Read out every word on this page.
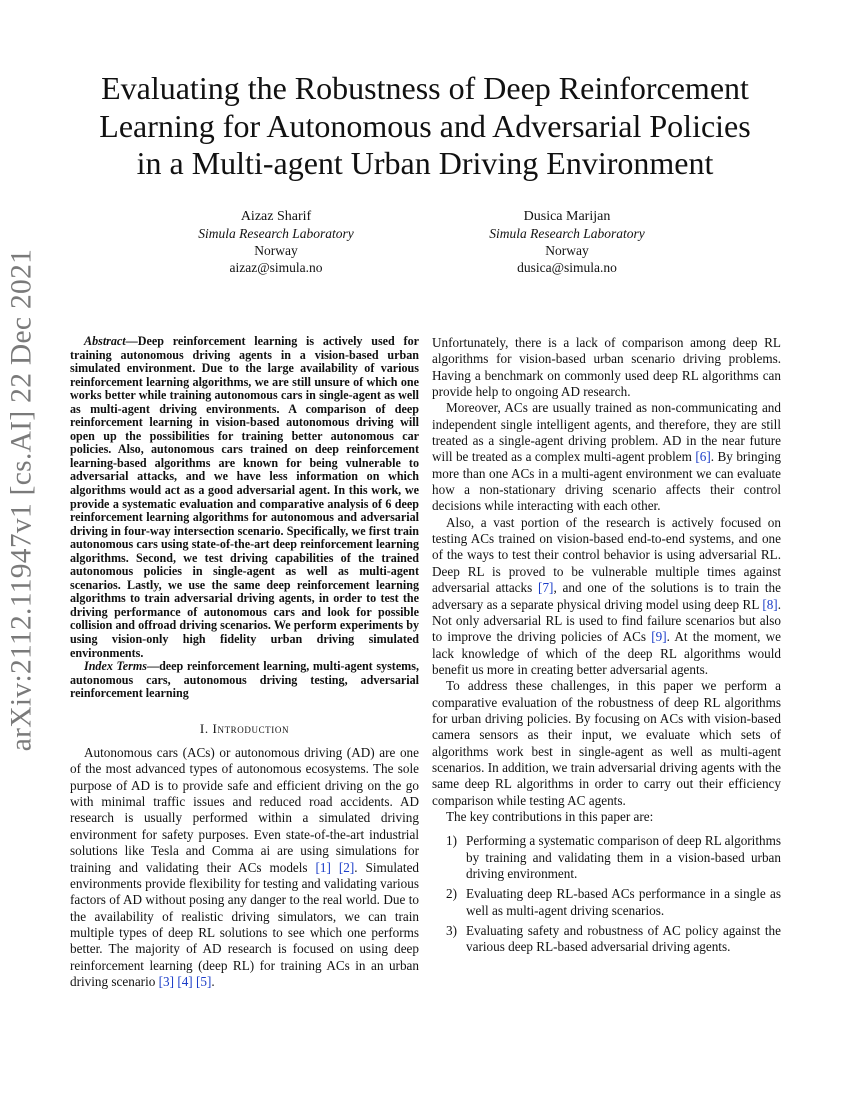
arXiv:2112.11947v1 [cs.AI] 22 Dec 2021
Evaluating the Robustness of Deep Reinforcement
Learning for Autonomous and Adversarial Policies
in a Multi-agent Urban Driving Environment
Aizaz Sharif
Simula Research Laboratory
Norway
aizaz@simula.no
Dusica Marijan
Simula Research Laboratory
Norway
dusica@simula.no

Abstract—Deep reinforcement learning is actively used for training autonomous driving agents in a vision-based urban simulated environment. Due to the large availability of various reinforcement learning algorithms, we are still unsure of which one works better while training autonomous cars in single-agent as well as multi-agent driving environments. A comparison of deep reinforcement learning in vision-based autonomous driving will open up the possibilities for training better autonomous car policies. Also, autonomous cars trained on deep reinforcement learning-based algorithms are known for being vulnerable to adversarial attacks, and we have less information on which algorithms would act as a good adversarial agent. In this work, we provide a systematic evaluation and comparative analysis of 6 deep reinforcement learning algorithms for autonomous and adversarial driving in four-way intersection scenario. Specifically, we first train autonomous cars using state-of-the-art deep reinforcement learning algorithms. Second, we test driving capabilities of the trained autonomous policies in single-agent as well as multi-agent scenarios. Lastly, we use the same deep reinforcement learning algorithms to train adversarial driving agents, in order to test the driving performance of autonomous cars and look for possible collision and offroad driving scenarios. We perform experiments by using vision-only high fidelity urban driving simulated environments.

Index Terms—deep reinforcement learning, multi-agent systems, autonomous cars, autonomous driving testing, adversarial reinforcement learning

I. Introduction

Autonomous cars (ACs) or autonomous driving (AD) are one of the most advanced types of autonomous ecosystems. The sole purpose of AD is to provide safe and efficient driving on the go with minimal traffic issues and reduced road accidents. AD research is usually performed within a simulated driving environment for safety purposes. Even state-of-the-art industrial solutions like Tesla and Comma ai are using simulations for training and validating their ACs models [1] [2]. Simulated environments provide flexibility for testing and validating various factors of AD without posing any danger to the real world. Due to the availability of realistic driving simulators, we can train multiple types of deep RL solutions to see which one performs better. The majority of AD research is focused on using deep reinforcement learning (deep RL) for training ACs in an urban driving scenario [3] [4] [5].

Unfortunately, there is a lack of comparison among deep RL algorithms for vision-based urban scenario driving problems. Having a benchmark on commonly used deep RL algorithms can provide help to ongoing AD research.

Moreover, ACs are usually trained as non-communicating and independent single intelligent agents, and therefore, they are still treated as a single-agent driving problem. AD in the near future will be treated as a complex multi-agent problem [6]. By bringing more than one ACs in a multi-agent environment we can evaluate how a non-stationary driving scenario affects their control decisions while interacting with each other.

Also, a vast portion of the research is actively focused on testing ACs trained on vision-based end-to-end systems, and one of the ways to test their control behavior is using adversarial RL. Deep RL is proved to be vulnerable multiple times against adversarial attacks [7], and one of the solutions is to train the adversary as a separate physical driving model using deep RL [8]. Not only adversarial RL is used to find failure scenarios but also to improve the driving policies of ACs [9]. At the moment, we lack knowledge of which of the deep RL algorithms would benefit us more in creating better adversarial agents.

To address these challenges, in this paper we perform a comparative evaluation of the robustness of deep RL algorithms for urban driving policies. By focusing on ACs with vision-based camera sensors as their input, we evaluate which sets of algorithms work best in single-agent as well as multi-agent scenarios. In addition, we train adversarial driving agents with the same deep RL algorithms in order to carry out their efficiency comparison while testing AC agents.

The key contributions in this paper are:

1) Performing a systematic comparison of deep RL algorithms by training and validating them in a vision-based urban driving environment.
2) Evaluating deep RL-based ACs performance in a single as well as multi-agent driving scenarios.
3) Evaluating safety and robustness of AC policy against the various deep RL-based adversarial driving agents.
